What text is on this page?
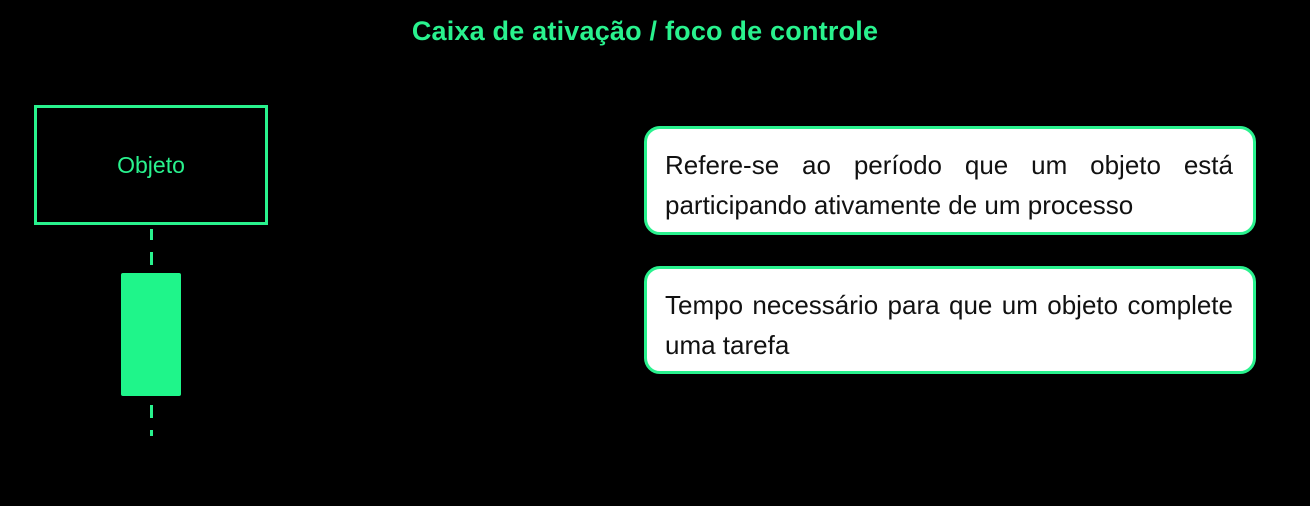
Caixa de ativação / foco de controle
Objeto	Refere-se ao período que um objeto está participando ativamente de um processo
Tempo necessário para que um objeto complete uma tarefa
